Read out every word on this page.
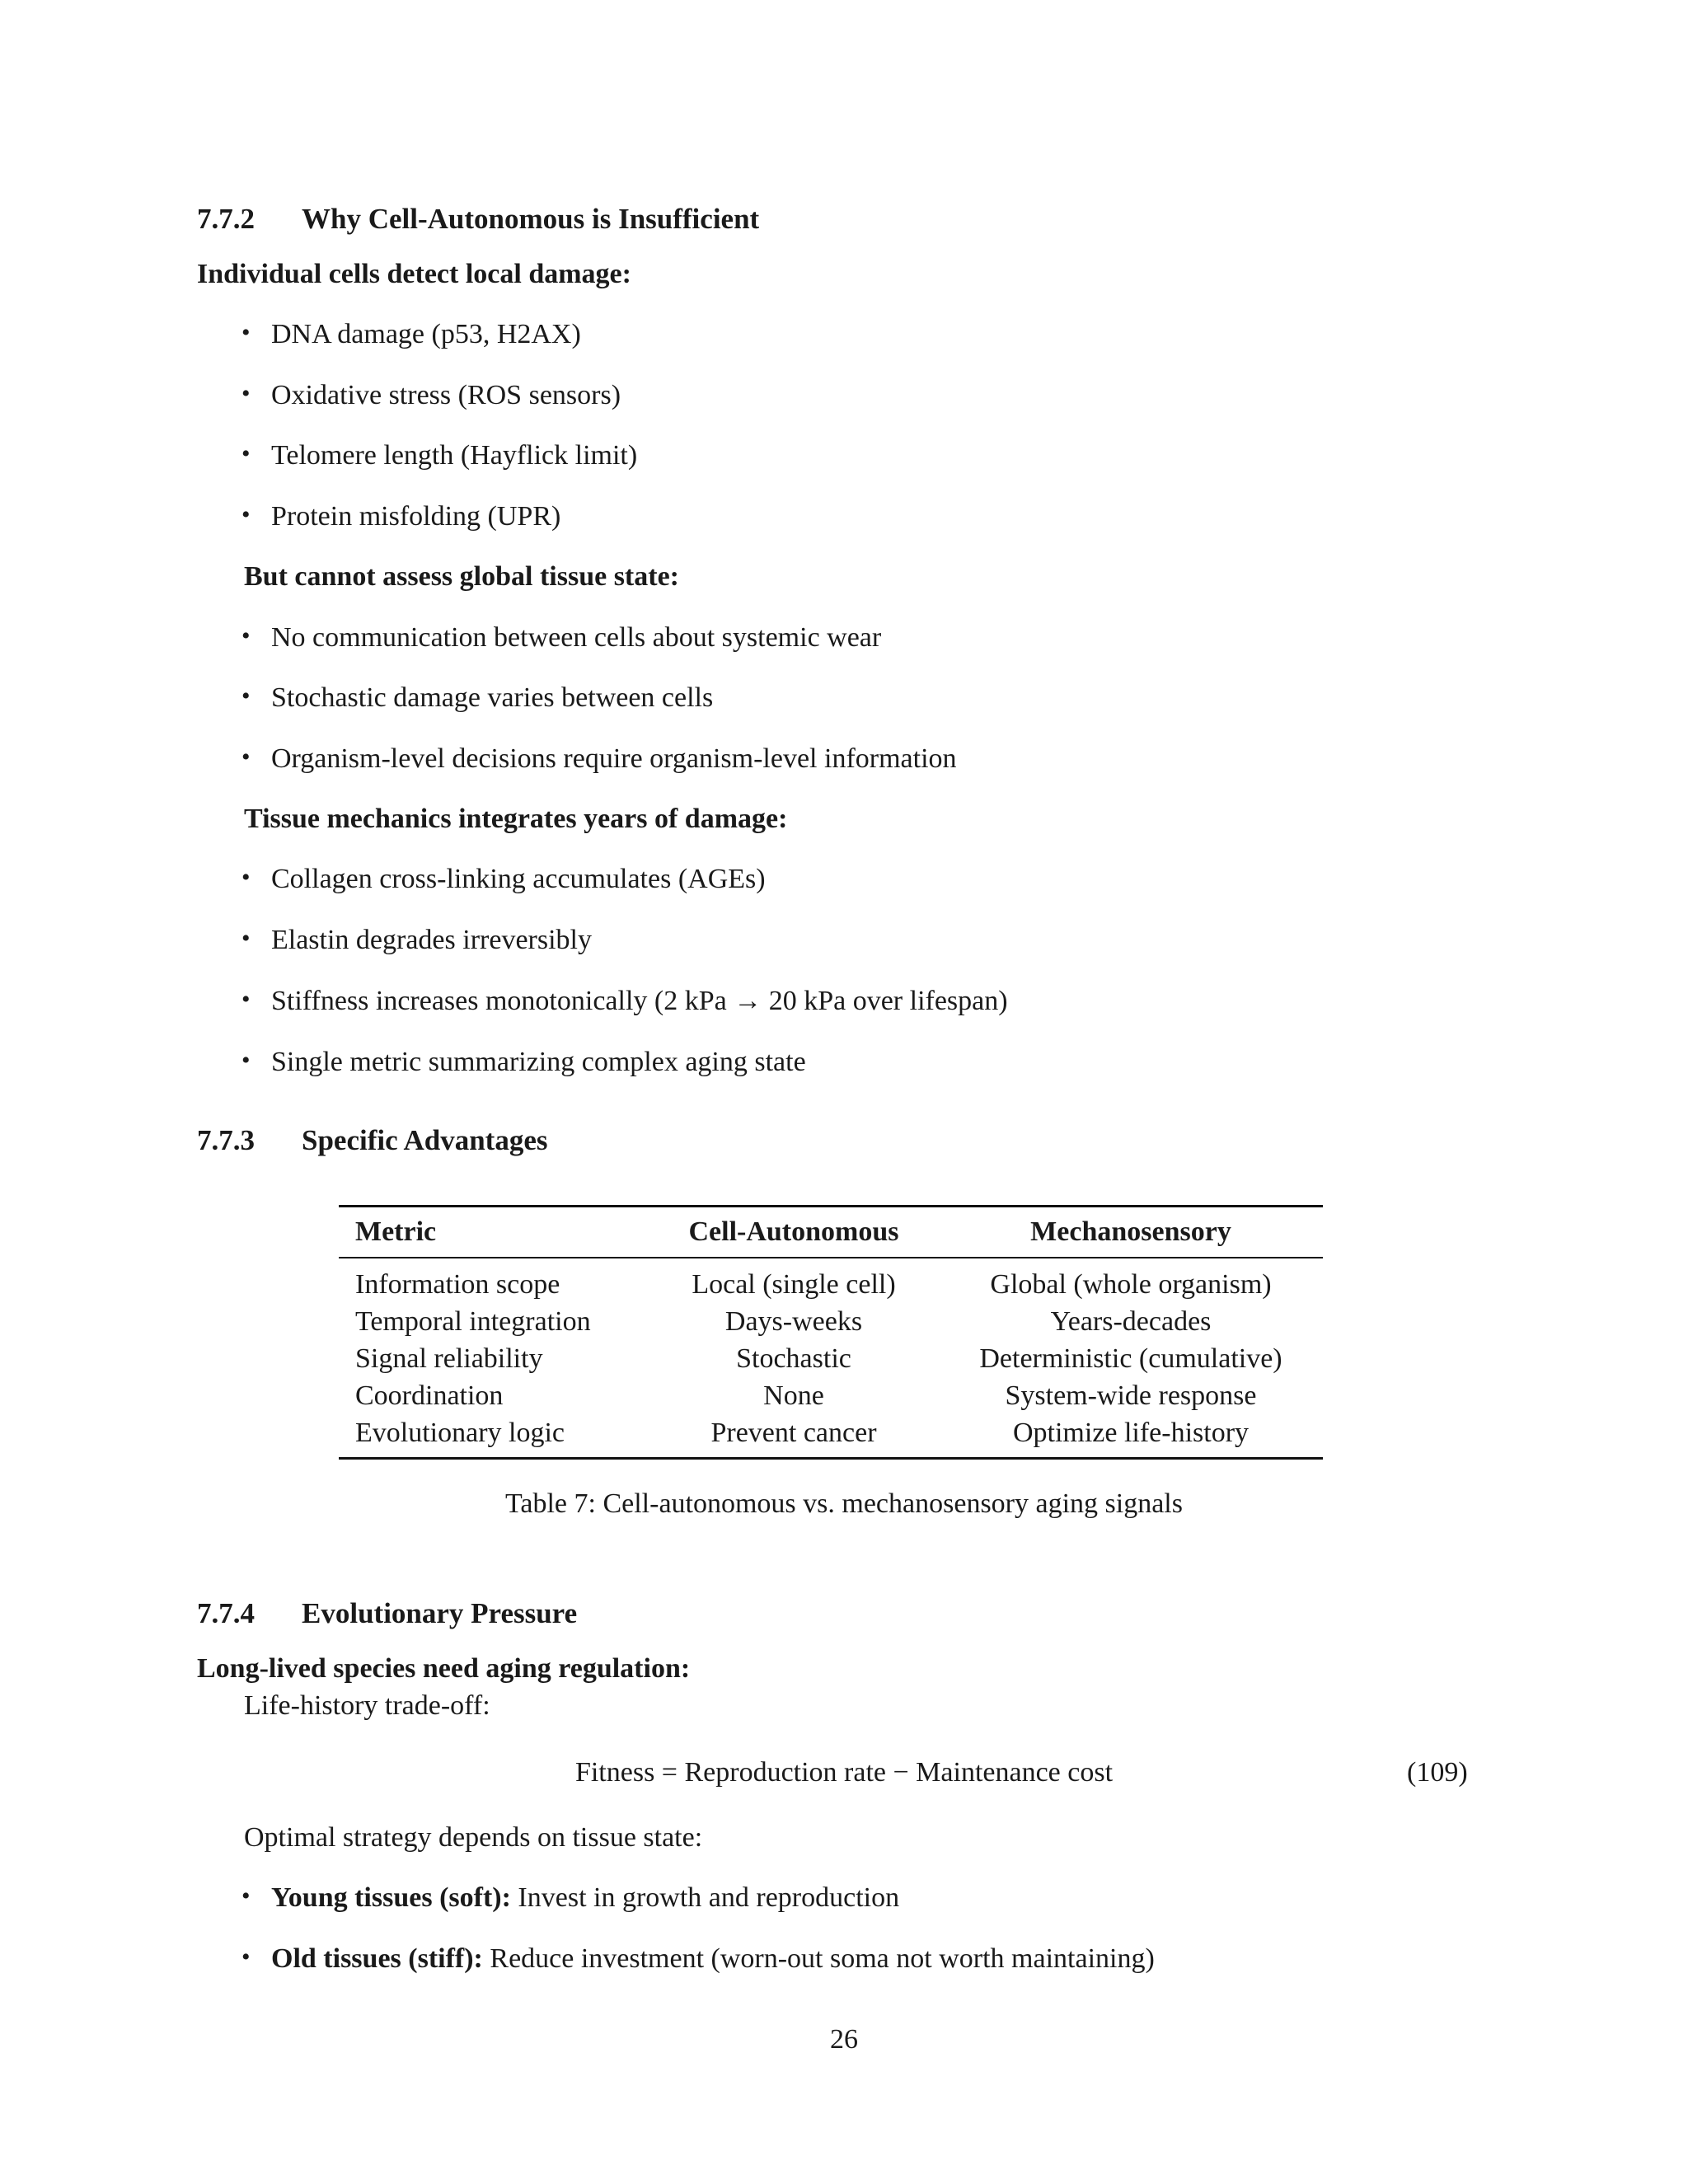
7.7.2 Why Cell-Autonomous is Insufficient
Individual cells detect local damage:
• DNA damage (p53, H2AX)
• Oxidative stress (ROS sensors)
• Telomere length (Hayflick limit)
• Protein misfolding (UPR)
But cannot assess global tissue state:
• No communication between cells about systemic wear
• Stochastic damage varies between cells
• Organism-level decisions require organism-level information
Tissue mechanics integrates years of damage:
• Collagen cross-linking accumulates (AGEs)
• Elastin degrades irreversibly
• Stiffness increases monotonically (2 kPa → 20 kPa over lifespan)
• Single metric summarizing complex aging state
7.7.3 Specific Advantages
Metric	Cell-Autonomous	Mechanosensory
Information scope	Local (single cell)	Global (whole organism)
Temporal integration	Days-weeks	Years-decades
Signal reliability	Stochastic	Deterministic (cumulative)
Coordination	None	System-wide response
Evolutionary logic	Prevent cancer	Optimize life-history
Table 7: Cell-autonomous vs. mechanosensory aging signals
7.7.4 Evolutionary Pressure
Long-lived species need aging regulation:
Life-history trade-off:
Fitness = Reproduction rate − Maintenance cost	(109)
Optimal strategy depends on tissue state:
• Young tissues (soft): Invest in growth and reproduction
• Old tissues (stiff): Reduce investment (worn-out soma not worth maintaining)
26
